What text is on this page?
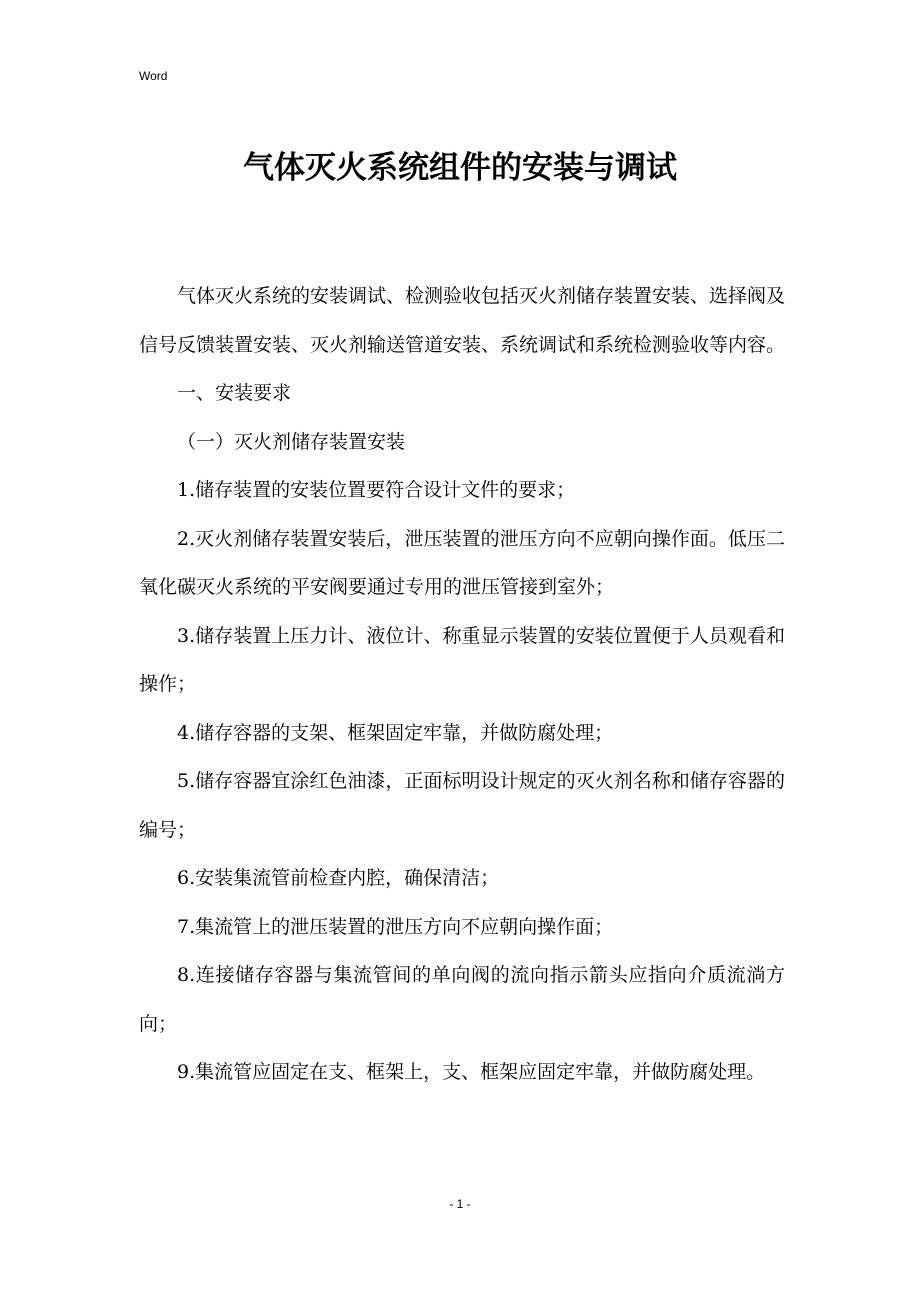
Word
气体灭火系统组件的安装与调试

气体灭火系统的安装调试、检测验收包括灭火剂储存装置安装、选择阀及信号反馈装置安装、灭火剂输送管道安装、系统调试和系统检测验收等内容。

一、安装要求

（一）灭火剂储存装置安装

1.储存装置的安装位置要符合设计文件的要求；

2.灭火剂储存装置安装后，泄压装置的泄压方向不应朝向操作面。低压二氧化碳灭火系统的平安阀要通过专用的泄压管接到室外；

3.储存装置上压力计、液位计、称重显示装置的安装位置便于人员观看和操作；

4.储存容器的支架、框架固定牢靠，并做防腐处理；

5.储存容器宜涂红色油漆，正面标明设计规定的灭火剂名称和储存容器的编号；

6.安装集流管前检查内腔，确保清洁；

7.集流管上的泄压装置的泄压方向不应朝向操作面；

8.连接储存容器与集流管间的单向阀的流向指示箭头应指向介质流淌方向；

9.集流管应固定在支、框架上，支、框架应固定牢靠，并做防腐处理。

- 1 -
